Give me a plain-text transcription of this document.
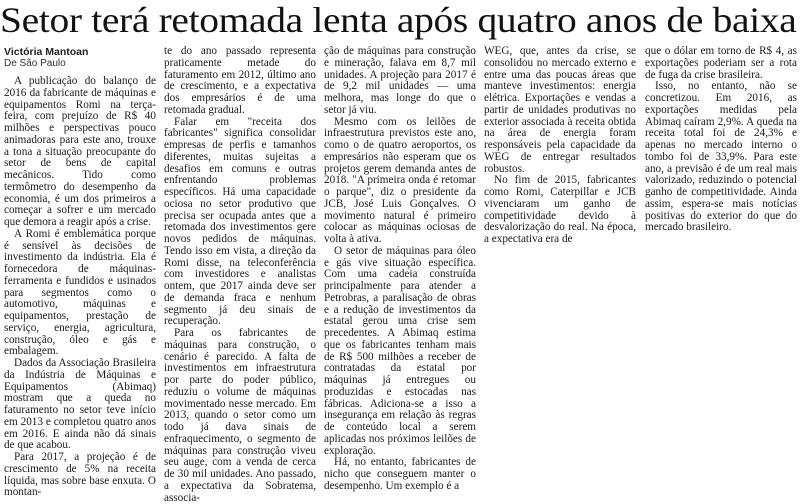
Setor terá retomada lenta após quatro anos de baixa
Victória Mantoan
De São Paulo

A publicação do balanço de 2016 da fabricante de máquinas e equipamentos Romi na terça-feira, com prejuízo de R$ 40 milhões e perspectivas pouco animadoras para este ano, trouxe a tona a situação preocupante do setor de bens de capital mecânicos. Tido como termômetro do desempenho da economia, é um dos primeiros a começar a sofrer e um mercado que demora a reagir após a crise.

A Romi é emblemática porque é sensível às decisões de investimento da indústria. Ela é fornecedora de máquinas-ferramenta e fundidos e usinados para segmentos como o automotivo, máquinas e equipamentos, prestação de serviço, energia, agricultura, construção, óleo e gás e embalagem.

Dados da Associação Brasileira da Indústria de Máquinas e Equipamentos (Abimaq) mostram que a queda no faturamento no setor teve início em 2013 e completou quatro anos em 2016. E ainda não dá sinais de que acabou.

Para 2017, a projeção é de crescimento de 5% na receita líquida, mas sobre base enxuta. O montan-

te do ano passado representa praticamente metade do faturamento em 2012, último ano de crescimento, e a expectativa dos empresários é de uma retomada gradual.

Falar em "receita dos fabricantes" significa consolidar empresas de perfis e tamanhos diferentes, muitas sujeitas a desafios em comuns e outras enfrentando problemas específicos. Há uma capacidade ociosa no setor produtivo que precisa ser ocupada antes que a retomada dos investimentos gere novos pedidos de máquinas. Tendo isso em vista, a direção da Romi disse, na teleconferência com investidores e analistas ontem, que 2017 ainda deve ser de demanda fraca e nenhum segmento já deu sinais de recuperação.

Para os fabricantes de máquinas para construção, o cenário é parecido. A falta de investimentos em infraestrutura por parte do poder público, reduziu o volume de máquinas movimentado nesse mercado. Em 2013, quando o setor como um todo já dava sinais de enfraquecimento, o segmento de máquinas para construção viveu seu auge, com a venda de cerca de 30 mil unidades. Ano passado, a expectativa da Sobratema, associa-

ção de máquinas para construção e mineração, falava em 8,7 mil unidades. A projeção para 2017 é de 9,2 mil unidades — uma melhora, mas longe do que o setor já viu.

Mesmo com os leilões de infraestrutura previstos este ano, como o de quatro aeroportos, os empresários não esperam que os projetos gerem demanda antes de 2018. "A primeira onda é retomar o parque", diz o presidente da JCB, José Luis Gonçalves. O movimento natural é primeiro colocar as máquinas ociosas de volta à ativa.

O setor de máquinas para óleo e gás vive situação específica. Com uma cadeia construída principalmente para atender a Petrobras, a paralisação de obras e a redução de investimentos da estatal gerou uma crise sem precedentes. A Abimaq estima que os fabricantes tenham mais de R$ 500 milhões a receber de contratadas da estatal por máquinas já entregues ou produzidas e estocadas nas fábricas. Adiciona-se a isso a insegurança em relação às regras de conteúdo local a serem aplicadas nos próximos leilões de exploração.

Há, no entanto, fabricantes de nicho que conseguem manter o desempenho. Um exemplo é a

WEG, que, antes da crise, se consolidou no mercado externo e entre uma das poucas áreas que manteve investimentos: energia elétrica. Exportações e vendas a partir de unidades produtivas no exterior associada à receita obtida na área de energia foram responsáveis pela capacidade da WEG de entregar resultados robustos.

No fim de 2015, fabricantes como Romi, Caterpillar e JCB vivenciaram um ganho de competitividade devido à desvalorização do real. Na época, a expectativa era de

que o dólar em torno de R$ 4, as exportações poderiam ser a rota de fuga da crise brasileira.

Isso, no entanto, não se concretizou. Em 2016, as exportações medidas pela Abimaq caíram 2,9%. A queda na receita total foi de 24,3% e apenas no mercado interno o tombo foi de 33,9%. Para este ano, a previsão é de um real mais valorizado, reduzindo o potencial ganho de competitividade. Ainda assim, espera-se mais notícias positivas do exterior do que do mercado brasileiro.
